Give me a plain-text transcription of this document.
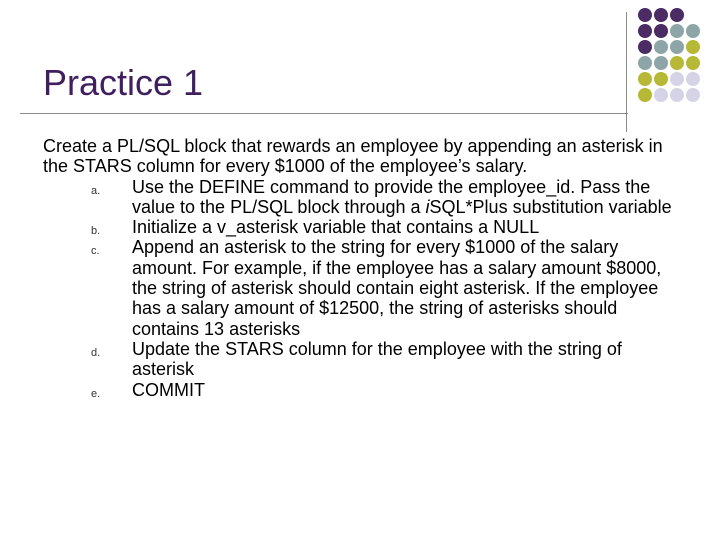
Practice 1

Create a PL/SQL block that rewards an employee by appending an asterisk in the STARS column for every $1000 of the employee’s salary.

a. Use the DEFINE command to provide the employee_id. Pass the value to the PL/SQL block through a iSQL*Plus substitution variable
b. Initialize a v_asterisk variable that contains a NULL
c. Append an asterisk to the string for every $1000 of the salary amount. For example, if the employee has a salary amount $8000, the string of asterisk should contain eight asterisk. If the employee has a salary amount of $12500, the string of asterisks should contains 13 asterisks
d. Update the STARS column for the employee with the string of asterisk
e. COMMIT
